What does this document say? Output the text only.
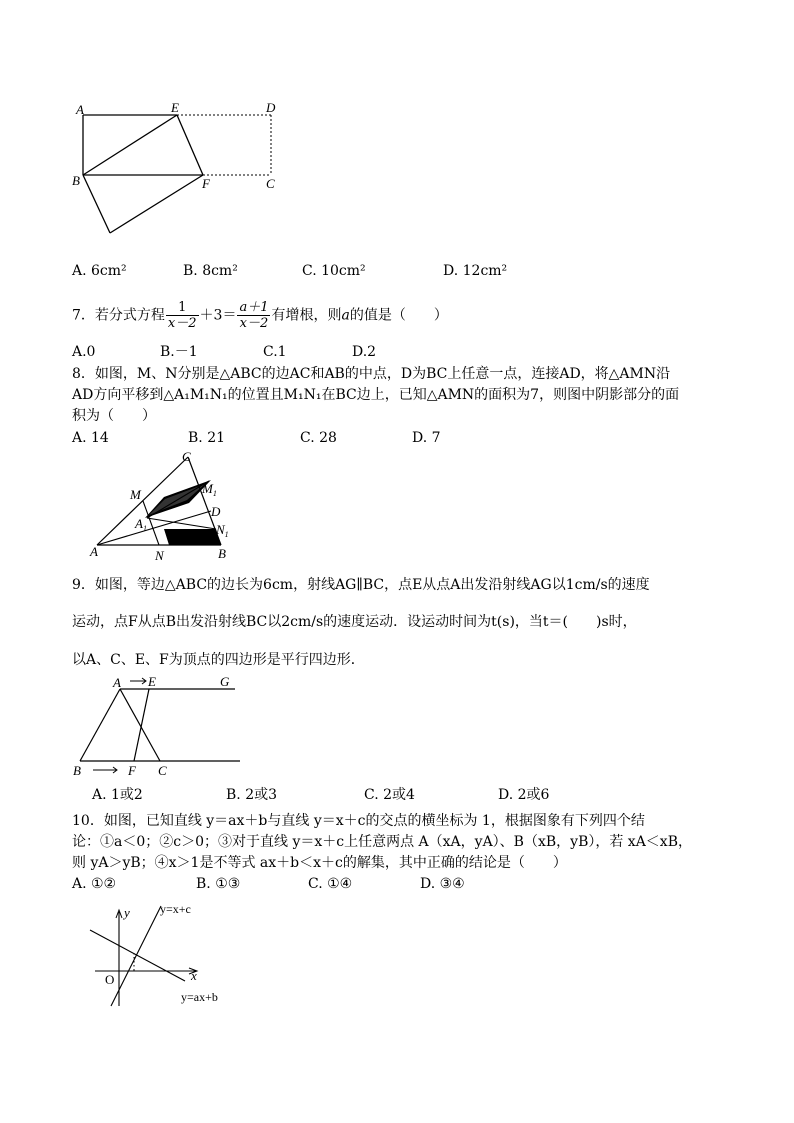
A	E	D
B	F	C
A. 6cm²	B. 8cm²	C. 10cm²	D. 12cm²
7．若分式方程 $\frac{1}{x-2} +3= \frac{a+1}{x-2}$ 有增根，则a的值是（　　）
A.0	B.－1	C.1	D.2
8．如图，M、N分别是△ABC的边AC和AB的中点，D为BC上任意一点，连接AD，将△AMN沿
AD方向平移到△A₁M₁N₁的位置且M₁N₁在BC边上，已知△AMN的面积为7，则图中阴影部分的面
积为（　　）
A. 14	B. 21	C. 28	D. 7
C
M	$M_1$
D
$A_1$	$N_1$
A	N	B
9．如图，等边△ABC的边长为6cm，射线AG∥BC，点E从点A出发沿射线AG以1cm/s的速度
运动，点F从点B出发沿射线BC以2cm/s的速度运动．设运动时间为t(s)，当t＝(　　)s时，
以A、C、E、F为顶点的四边形是平行四边形．
A E	G
B	F C
A. 1或2	B. 2或3	C. 2或4	D. 2或6
10．如图，已知直线 y＝ax＋b与直线 y＝x＋c的交点的横坐标为 1，根据图象有下列四个结
论：①a＜0；②c＞0；③对于直线 y＝x＋c上任意两点 A（xA，yA）、B（xB，yB），若 xA＜xB，
则 yA＞yB；④x＞1是不等式 ax＋b＜x＋c的解集，其中正确的结论是（　　）
A. ①②	B. ①③	C. ①④	D. ③④
y	y=x+c
x
O
y=ax+b
